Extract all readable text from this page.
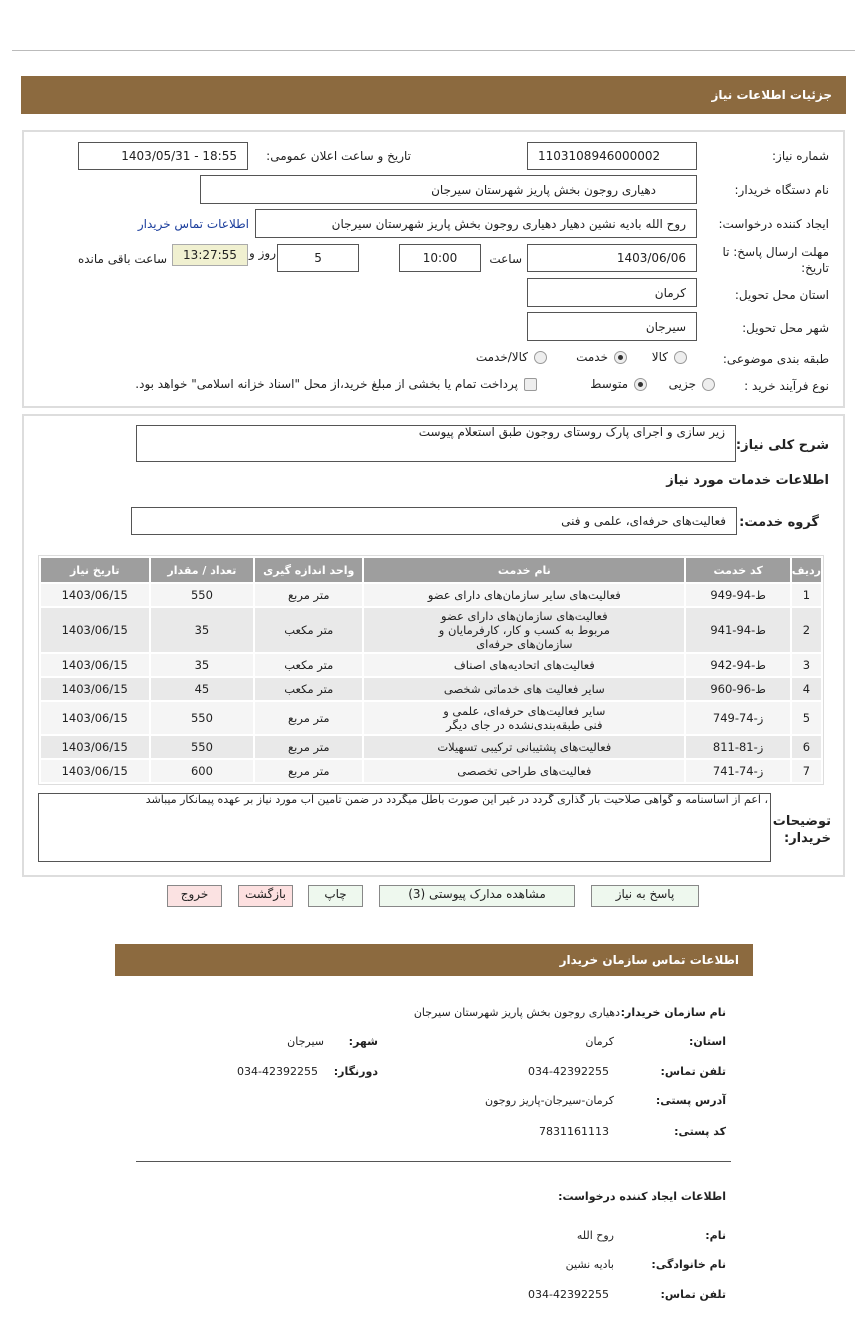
جزئیات اطلاعات نیاز
شماره نیاز:
1103108946000002
تاریخ و ساعت اعلان عمومی:
1403/05/31 - 18:55
نام دستگاه خریدار:
دهیاری روجون بخش پاریز شهرستان سیرجان
ایجاد کننده درخواست:
روح الله بادیه نشین دهیار دهیاری روجون بخش پاریز شهرستان سیرجان
اطلاعات تماس خریدار
مهلت ارسال پاسخ: تا
تاریخ:
1403/06/06
ساعت
10:00
5
روز و
13:27:55
ساعت باقی مانده
استان محل تحویل:
کرمان
شهر محل تحویل:
سیرجان
طبقه بندی موضوعی:
کالا
خدمت
کالا/خدمت
نوع فرآیند خرید :
جزیی
متوسط
پرداخت تمام یا بخشی از مبلغ خرید،از محل "اسناد خزانه اسلامی" خواهد بود.
شرح کلی نیاز:
زیر سازی و اجرای پارک روستای روجون طبق استعلام پیوست
اطلاعات خدمات مورد نیاز
گروه خدمت:
فعالیت‌های حرفه‌ای، علمی و فنی
ردیف	کد خدمت	نام خدمت	واحد اندازه گیری	تعداد / مقدار	تاریخ نیاز
1	ط-94-949	فعالیت‌های سایر سازمان‌های دارای عضو	متر مربع	550	1403/06/15
2	ط-94-941	فعالیت‌های سازمان‌های دارای عضو مربوط به کسب و کار، کارفرمایان و سازمان‌های حرفه‌ای	متر مکعب	35	1403/06/15
3	ط-94-942	فعالیت‌های اتحادیه‌های اصناف	متر مکعب	35	1403/06/15
4	ط-96-960	سایر فعالیت های خدماتی شخصی	متر مکعب	45	1403/06/15
5	ز-74-749	سایر فعالیت‌های حرفه‌ای، علمی و فنی طبقه‌بندی‌نشده در جای دیگر	متر مربع	550	1403/06/15
6	ز-81-811	فعالیت‌های پشتیبانی ترکیبی تسهیلات	متر مربع	550	1403/06/15
7	ز-74-741	فعالیت‌های طراحی تخصصی	متر مربع	600	1403/06/15
توضیحات
خریدار:
، اعم از اساسنامه و گواهی صلاحیت بار گذاری گردد در غیر این صورت باطل میگردد در ضمن تامین آب مورد نیاز بر عهده پیمانکار میباشد
پاسخ به نیاز
مشاهده مدارک پیوستی (3)
چاپ
بازگشت
خروج
اطلاعات تماس سازمان خریدار
نام سازمان خریدار:
دهیاری روجون بخش پاریز شهرستان سیرجان
استان:
کرمان
شهر:
سیرجان
تلفن تماس:
034-42392255
دورنگار:
034-42392255
آدرس پستی:
کرمان-سیرجان-پاریز روجون
کد پستی:
7831161113
اطلاعات ایجاد کننده درخواست:
نام:
روح الله
نام خانوادگی:
بادیه نشین
تلفن تماس:
034-42392255
